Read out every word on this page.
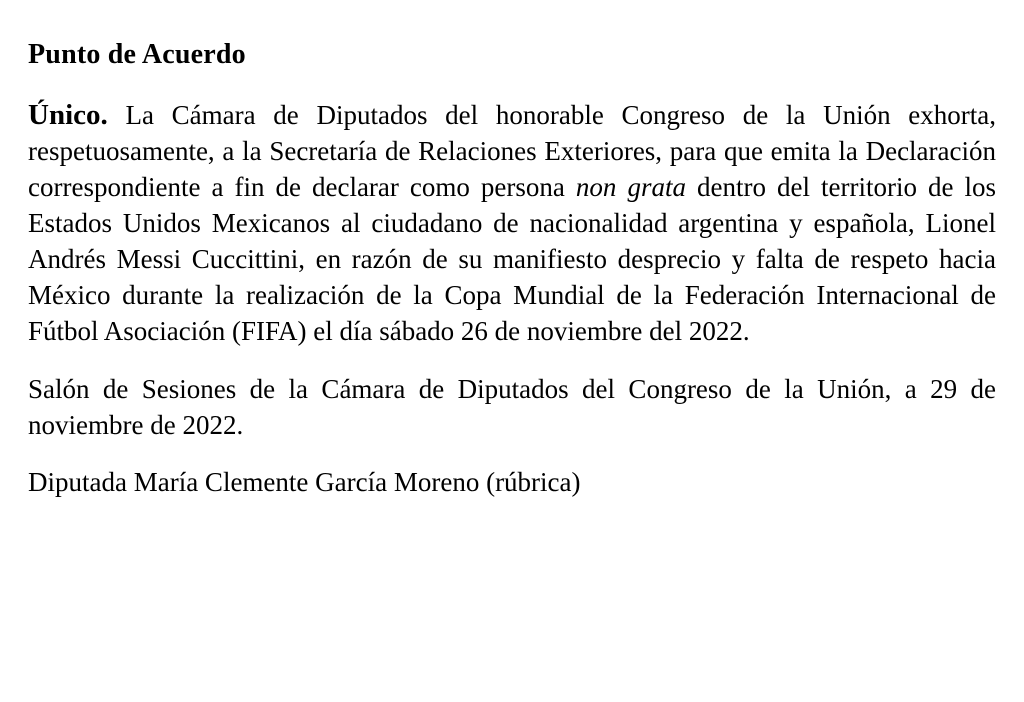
Punto de Acuerdo

Único. La Cámara de Diputados del honorable Congreso de la Unión exhorta, respetuosamente, a la Secretaría de Relaciones Exteriores, para que emita la Declaración correspondiente a fin de declarar como persona non grata dentro del territorio de los Estados Unidos Mexicanos al ciudadano de nacionalidad argentina y española, Lionel Andrés Messi Cuccittini, en razón de su manifiesto desprecio y falta de respeto hacia México durante la realización de la Copa Mundial de la Federación Internacional de Fútbol Asociación (FIFA) el día sábado 26 de noviembre del 2022.

Salón de Sesiones de la Cámara de Diputados del Congreso de la Unión, a 29 de noviembre de 2022.

Diputada María Clemente García Moreno (rúbrica)
